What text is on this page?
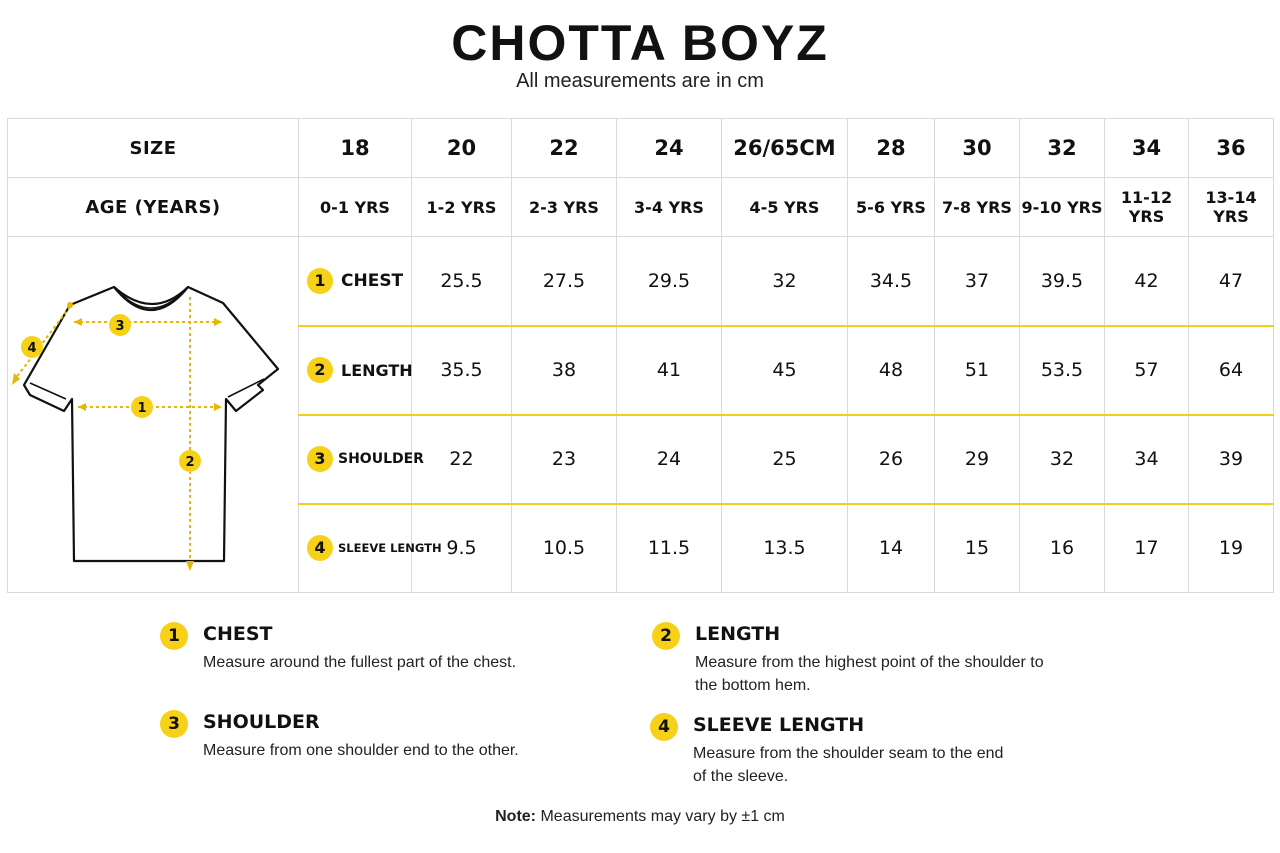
CHOTTA BOYZ
All measurements are in cm
SIZE	18	20	22	24	26/65CM	28	30	32	34	36
AGE (YEARS)	0-1 YRS	1-2 YRS	2-3 YRS	3-4 YRS	4-5 YRS	5-6 YRS	7-8 YRS	9-10 YRS	11-12 YRS	13-14 YRS

1
2
3
4	1 CHEST	25.5	27.5	29.5	32	34.5	37	39.5	42	47
	2 LENGTH	35.5	38	41	45	48	51	53.5	57	64
	3 SHOULDER	22	23	24	25	26	29	32	34	39
	4 SLEEVE LENGTH	9.5	10.5	11.5	13.5	14	15	16	17	19
1	CHEST
Measure around the fullest part of the chest.
2	LENGTH
Measure from the highest point of the shoulder to the bottom hem.
3	SHOULDER
Measure from one shoulder end to the other.
4	SLEEVE LENGTH
Measure from the shoulder seam to the end of the sleeve.
Note: Measurements may vary by ±1 cm
